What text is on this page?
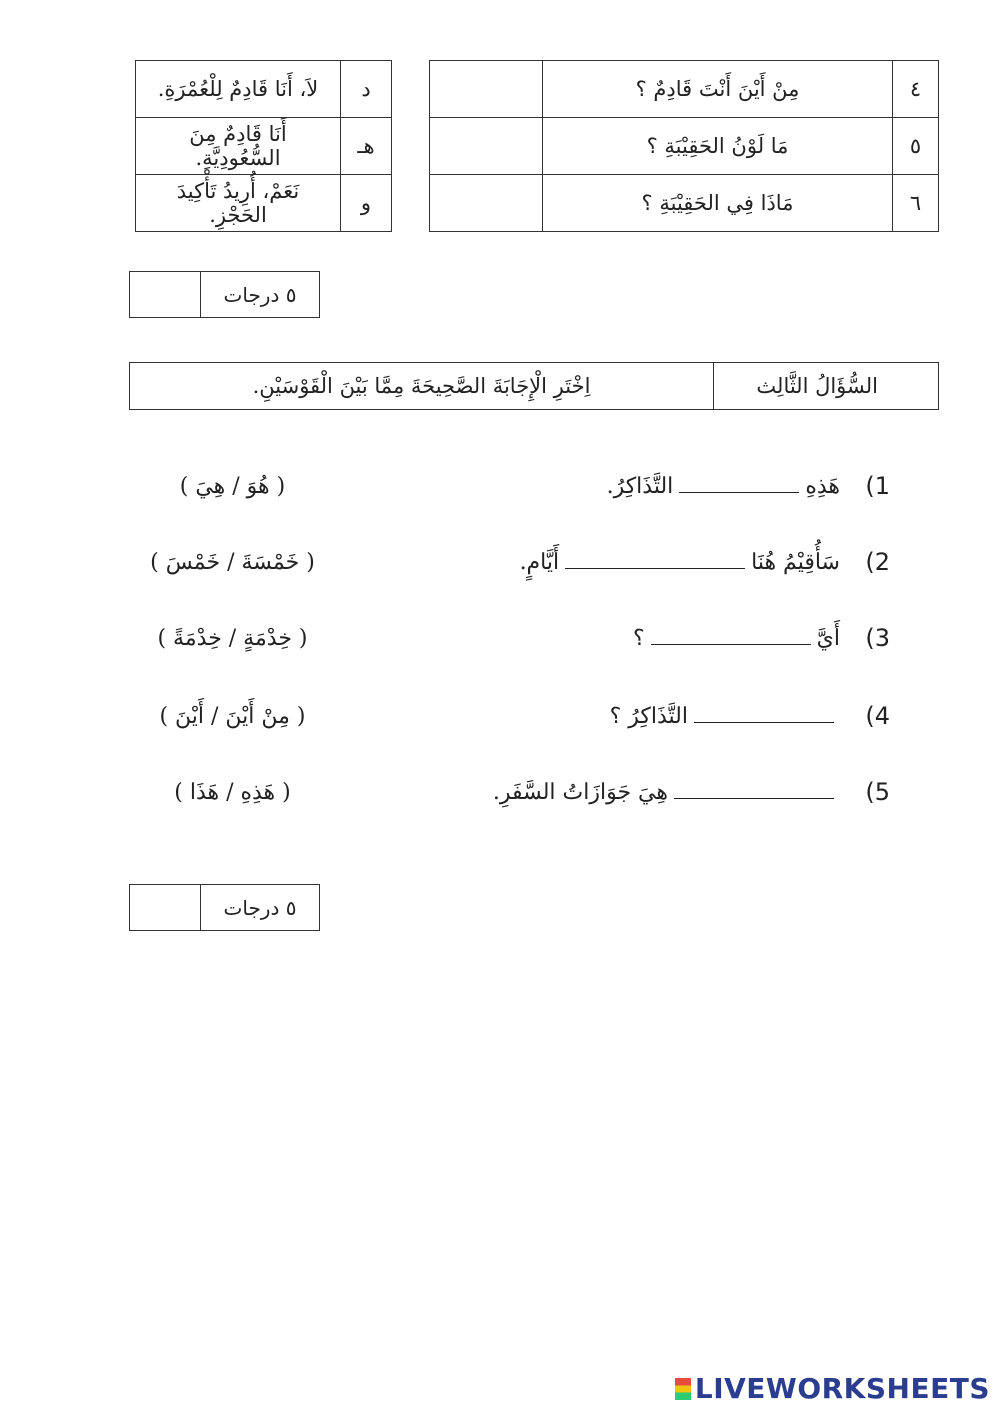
لاَ، أَنَا قَادِمٌ لِلْعُمْرَةِ.	د
أَنَا قَادِمٌ مِنَ السُّعُودِيَّةِ.	هـ
نَعَمْ، أُرِيدُ تَأْكِيدَ الحَجْزِ.	و
	مِنْ أَيْنَ أَنْتَ قَادِمٌ ؟	٤
	مَا لَوْنُ الحَقِيْبَةِ ؟	٥
	مَاذَا فِي الحَقِيْبَةِ ؟	٦
٥ درجات
اِخْتَرِ الْإِجَابَةَ الصَّحِيحَةَ مِمَّا بَيْنَ الْقَوْسَيْنِ.	السُّؤَالُ الثَّالِث
(1
هَذِهِالتَّذَاكِرُ.
( هُوَ / هِيَ )
(2
سَأُقِيْمُ هُنَاأَيَّامٍ.
( خَمْسَةَ / خَمْسَ )
(3
أَيَّ؟
( خِدْمَةٍ / خِدْمَةً )
(4
التَّذَاكِرُ ؟
( مِنْ أَيْنَ / أَيْنَ )
(5
هِيَ جَوَازَاتُ السَّفَرِ.
( هَذِهِ / هَذَا )
٥ درجات
LIVEWORKSHEETS
